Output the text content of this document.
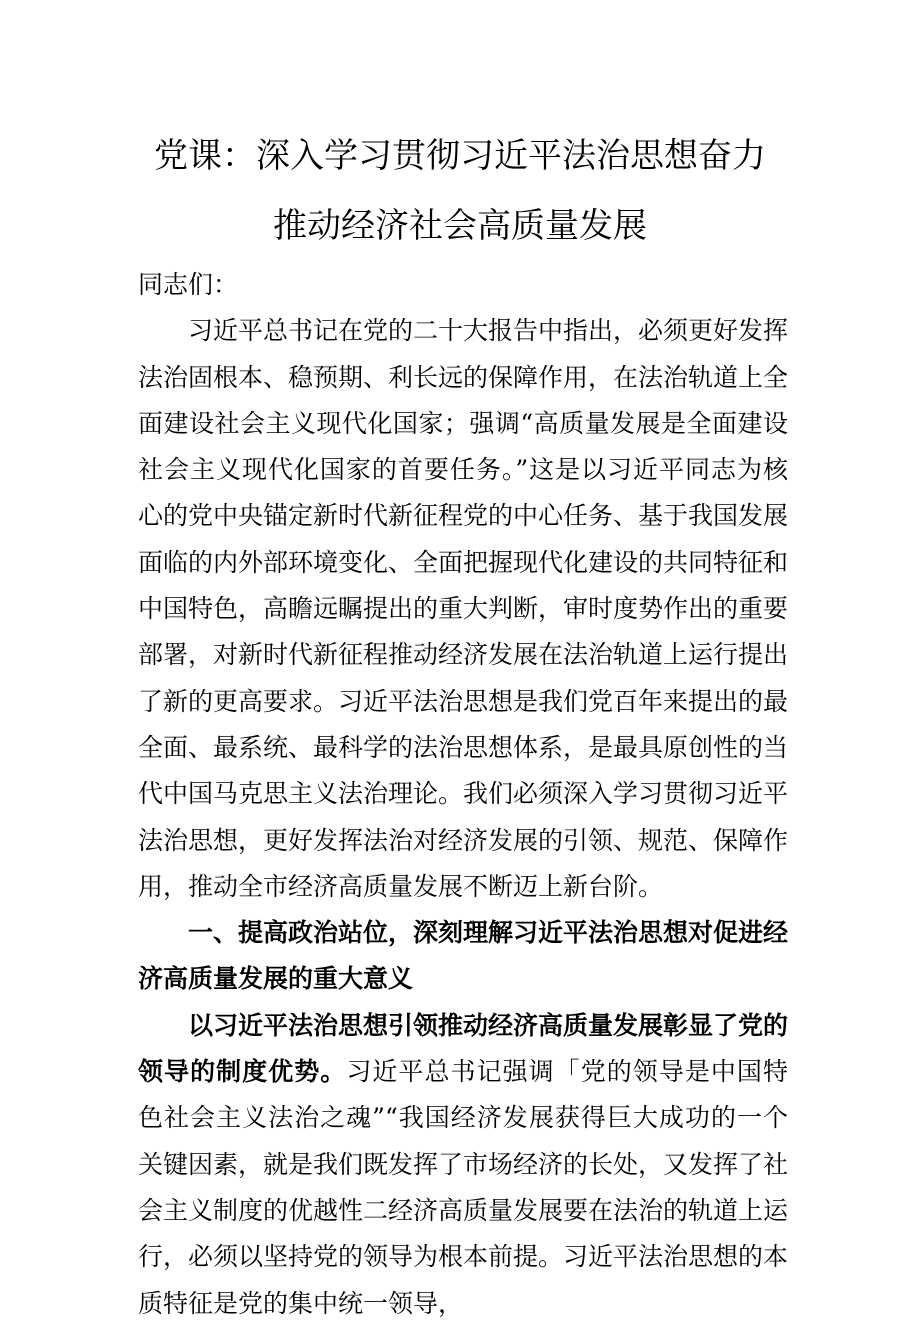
党课：深入学习贯彻习近平法治思想奋力
推动经济社会高质量发展

同志们：

习近平总书记在党的二十大报告中指出，必须更好发挥法治固根本、稳预期、利长远的保障作用，在法治轨道上全面建设社会主义现代化国家；强调“高质量发展是全面建设社会主义现代化国家的首要任务。”这是以习近平同志为核心的党中央锚定新时代新征程党的中心任务、基于我国发展面临的内外部环境变化、全面把握现代化建设的共同特征和中国特色，高瞻远瞩提出的重大判断，审时度势作出的重要部署，对新时代新征程推动经济发展在法治轨道上运行提出了新的更高要求。习近平法治思想是我们党百年来提出的最全面、最系统、最科学的法治思想体系，是最具原创性的当代中国马克思主义法治理论。我们必须深入学习贯彻习近平法治思想，更好发挥法治对经济发展的引领、规范、保障作用，推动全市经济高质量发展不断迈上新台阶。

一、提高政治站位，深刻理解习近平法治思想对促进经济高质量发展的重大意义

以习近平法治思想引领推动经济高质量发展彰显了党的领导的制度优势。习近平总书记强调「党的领导是中国特色社会主义法治之魂”“我国经济发展获得巨大成功的一个关键因素，就是我们既发挥了市场经济的长处，又发挥了社会主义制度的优越性二经济高质量发展要在法治的轨道上运行，必须以坚持党的领导为根本前提。习近平法治思想的本质特征是党的集中统一领导，
